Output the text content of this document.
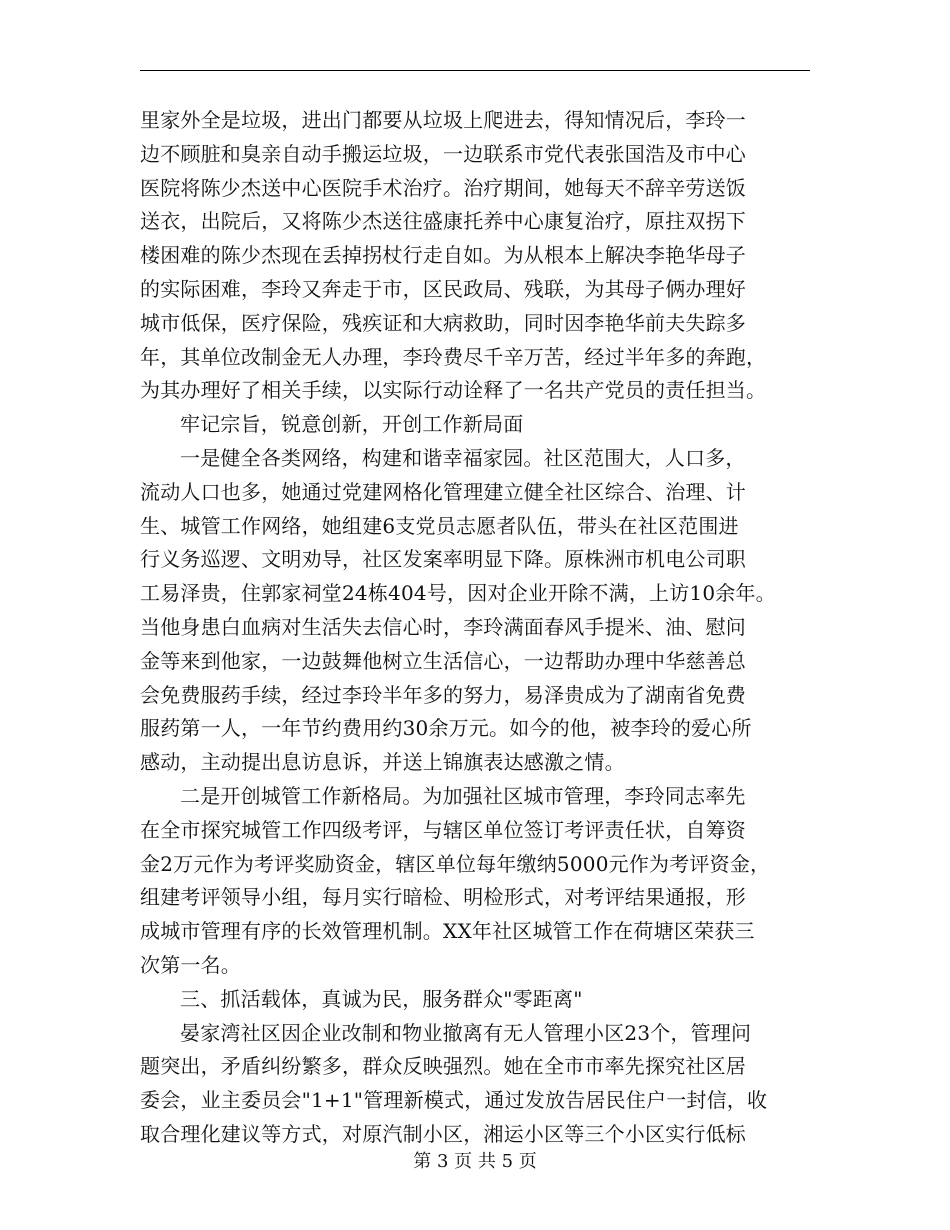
里家外全是垃圾，进出门都要从垃圾上爬进去，得知情况后，李玲一
边不顾脏和臭亲自动手搬运垃圾，一边联系市党代表张国浩及市中心
医院将陈少杰送中心医院手术治疗。治疗期间，她每天不辞辛劳送饭
送衣，出院后，又将陈少杰送往盛康托养中心康复治疗，原拄双拐下
楼困难的陈少杰现在丢掉拐杖行走自如。为从根本上解决李艳华母子
的实际困难，李玲又奔走于市，区民政局、残联，为其母子俩办理好
城市低保，医疗保险，残疾证和大病救助，同时因李艳华前夫失踪多
年，其单位改制金无人办理，李玲费尽千辛万苦，经过半年多的奔跑，
为其办理好了相关手续，以实际行动诠释了一名共产党员的责任担当。
牢记宗旨，锐意创新，开创工作新局面
一是健全各类网络，构建和谐幸福家园。社区范围大，人口多，
流动人口也多，她通过党建网格化管理建立健全社区综合、治理、计
生、城管工作网络，她组建6支党员志愿者队伍，带头在社区范围进
行义务巡逻、文明劝导，社区发案率明显下降。原株洲市机电公司职
工易泽贵，住郭家祠堂24栋404号，因对企业开除不满，上访10余年。
当他身患白血病对生活失去信心时，李玲满面春风手提米、油、慰问
金等来到他家，一边鼓舞他树立生活信心，一边帮助办理中华慈善总
会免费服药手续，经过李玲半年多的努力，易泽贵成为了湖南省免费
服药第一人，一年节约费用约30余万元。如今的他，被李玲的爱心所
感动，主动提出息访息诉，并送上锦旗表达感激之情。
二是开创城管工作新格局。为加强社区城市管理，李玲同志率先
在全市探究城管工作四级考评，与辖区单位签订考评责任状，自筹资
金2万元作为考评奖励资金，辖区单位每年缴纳5000元作为考评资金，
组建考评领导小组，每月实行暗检、明检形式，对考评结果通报，形
成城市管理有序的长效管理机制。XX年社区城管工作在荷塘区荣获三
次第一名。
三、抓活载体，真诚为民，服务群众"零距离"
晏家湾社区因企业改制和物业撤离有无人管理小区23个，管理问
题突出，矛盾纠纷繁多，群众反映强烈。她在全市市率先探究社区居
委会，业主委员会"1+1"管理新模式，通过发放告居民住户一封信，收
取合理化建议等方式，对原汽制小区，湘运小区等三个小区实行低标
第 3 页 共 5 页
